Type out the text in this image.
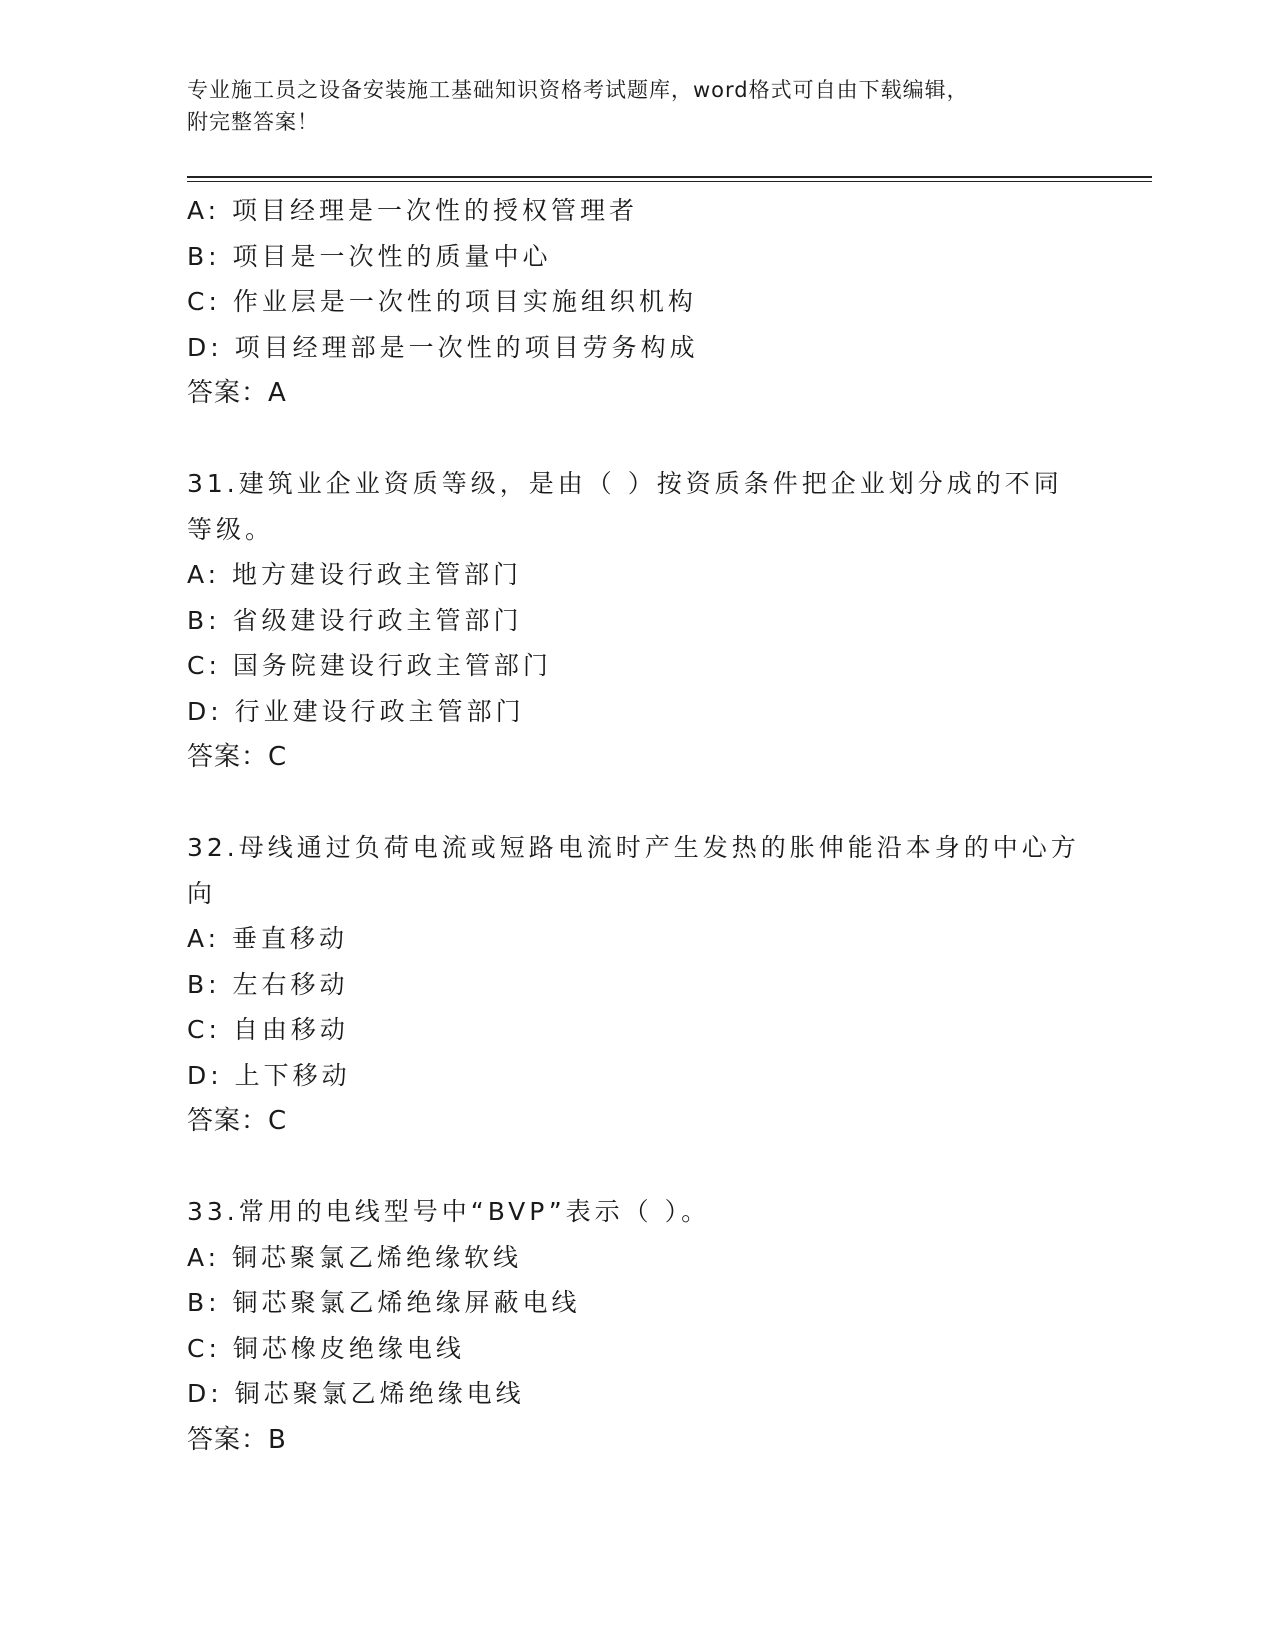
专业施工员之设备安装施工基础知识资格考试题库，word格式可自由下载编辑，
附完整答案！
A: 项目经理是一次性的授权管理者
B: 项目是一次性的质量中心
C: 作业层是一次性的项目实施组织机构
D: 项目经理部是一次性的项目劳务构成
答案：A
31.建筑业企业资质等级，是由（ ）按资质条件把企业划分成的不同
等级。
A: 地方建设行政主管部门
B: 省级建设行政主管部门
C: 国务院建设行政主管部门
D: 行业建设行政主管部门
答案：C
32.母线通过负荷电流或短路电流时产生发热的胀伸能沿本身的中心方
向
A: 垂直移动
B: 左右移动
C: 自由移动
D: 上下移动
答案：C
33.常用的电线型号中“BVP”表示（ ）。
A: 铜芯聚氯乙烯绝缘软线
B: 铜芯聚氯乙烯绝缘屏蔽电线
C: 铜芯橡皮绝缘电线
D: 铜芯聚氯乙烯绝缘电线
答案：B
